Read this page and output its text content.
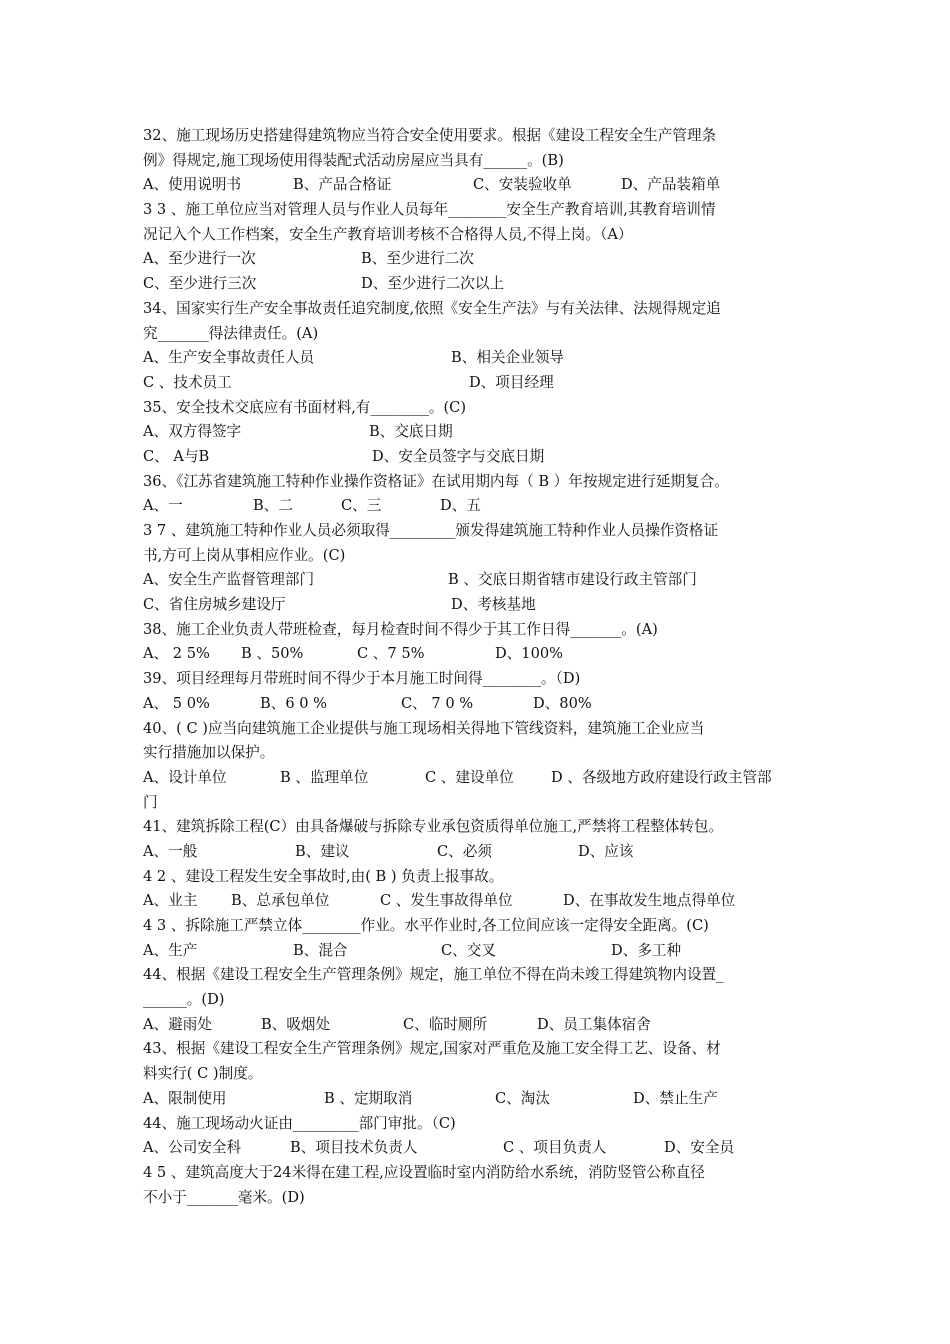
32、施工现场历史搭建得建筑物应当符合安全使用要求。根据《建设工程安全生产管理条
例》得规定,施工现场使用得装配式活动房屋应当具有______。(B)
A、使用说明书	B、产品合格证	C、安装验收单	D、产品装箱单
3 3 、施工单位应当对管理人员与作业人员每年________安全生产教育培训,其教育培训情
况记入个人工作档案，安全生产教育培训考核不合格得人员,不得上岗。（A）
A、至少进行一次	B、至少进行二次
C、至少进行三次	D、至少进行二次以上
34、国家实行生产安全事故责任追究制度,依照《安全生产法》与有关法律、法规得规定追
究_______得法律责任。(A)
A、生产安全事故责任人员	B、相关企业领导
C 、技术员工	D、项目经理
35、安全技术交底应有书面材料,有________。(C)
A、双方得签字	B、交底日期
C、 A与B	D、安全员签字与交底日期
36、《江苏省建筑施工特种作业操作资格证》在试用期内每（ B ）年按规定进行延期复合。
A、一	B、二	C、三	D、五
3 7 、建筑施工特种作业人员必须取得_________颁发得建筑施工特种作业人员操作资格证
书,方可上岗从事相应作业。(C)
A、安全生产监督管理部门	B 、交底日期省辖市建设行政主管部门
C、省住房城乡建设厅	D、考核基地
38、施工企业负责人带班检查，每月检查时间不得少于其工作日得_______。(A)
A、 2 5% B 、50%	C 、7 5%	D、100%
39、项目经理每月带班时间不得少于本月施工时间得________。（D)
A、 5 0%	B、6 0 %	C、 7 0 %	D、80%
40、( C )应当向建筑施工企业提供与施工现场相关得地下管线资料，建筑施工企业应当
实行措施加以保护。
A、设计单位	B 、监理单位	C 、建设单位	D 、各级地方政府建设行政主管部
门
41、建筑拆除工程(C）由具备爆破与拆除专业承包资质得单位施工,严禁将工程整体转包。
A、一般	B、建议	C、必须	D、应该
4 2 、建设工程发生安全事故时,由( B ) 负责上报事故。
A、业主 B、总承包单位	C 、发生事故得单位	D、在事故发生地点得单位
4 3 、拆除施工严禁立体________作业。水平作业时,各工位间应该一定得安全距离。(C)
A、生产	B、混合	C、交叉	D、多工种
44、根据《建设工程安全生产管理条例》规定，施工单位不得在尚未竣工得建筑物内设置_
______。(D)
A、避雨处	B、吸烟处	C、临时厕所	D、员工集体宿舍
43、根据《建设工程安全生产管理条例》规定,国家对严重危及施工安全得工艺、设备、材
料实行( C )制度。
A、限制使用	B 、定期取消	C、淘汰	D、禁止生产
44、施工现场动火证由_________部门审批。（C)
A、公司安全科	B、项目技术负责人	C 、项目负责人	D、安全员
4 5 、建筑高度大于24米得在建工程,应设置临时室内消防给水系统，消防竖管公称直径
不小于_______毫米。(D)
